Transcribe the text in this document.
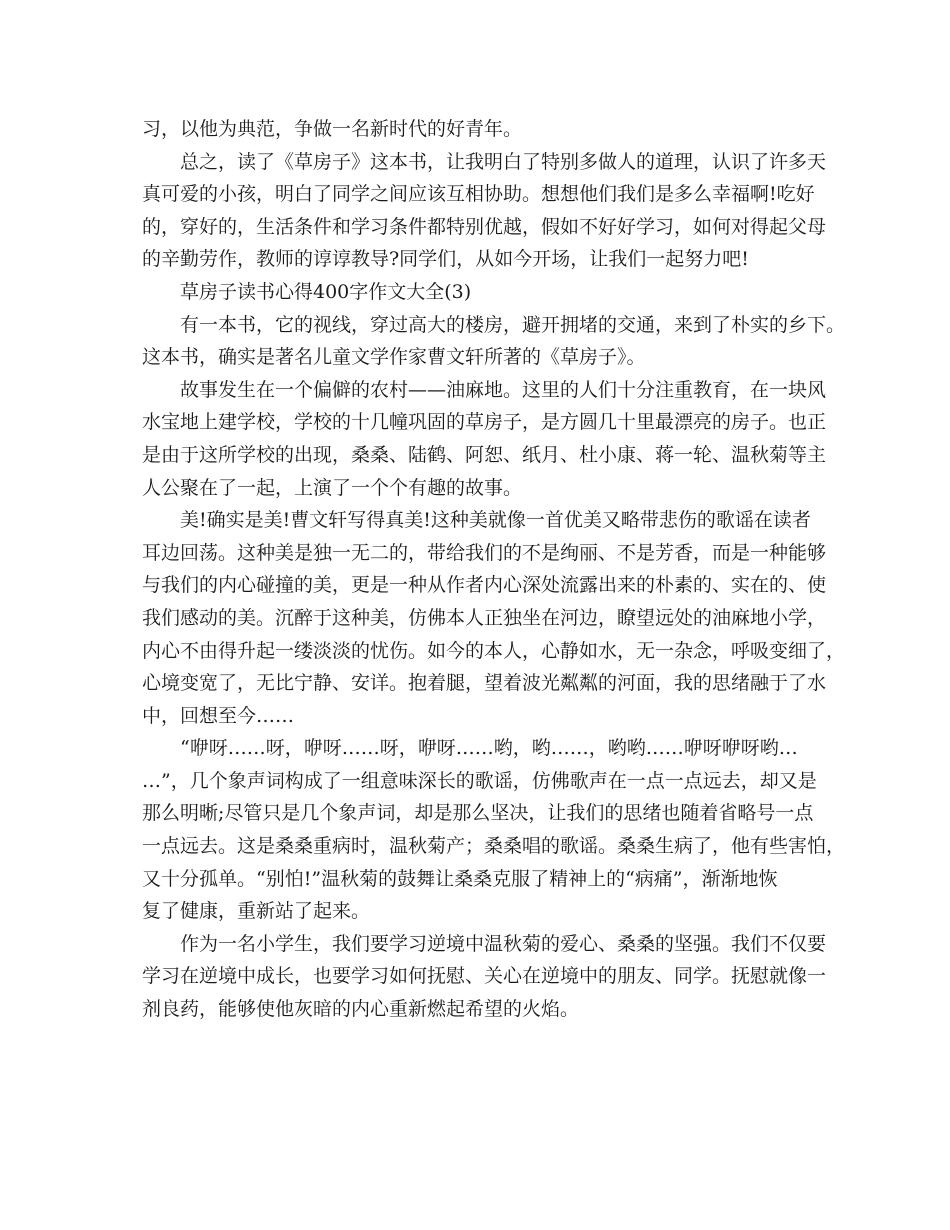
习，以他为典范，争做一名新时代的好青年。
总之，读了《草房子》这本书，让我明白了特别多做人的道理，认识了许多天
真可爱的小孩，明白了同学之间应该互相协助。想想他们我们是多么幸福啊!吃好
的，穿好的，生活条件和学习条件都特别优越，假如不好好学习，如何对得起父母
的辛勤劳作，教师的谆谆教导?同学们，从如今开场，让我们一起努力吧!
草房子读书心得400字作文大全(3)
有一本书，它的视线，穿过高大的楼房，避开拥堵的交通，来到了朴实的乡下。
这本书，确实是著名儿童文学作家曹文轩所著的《草房子》。
故事发生在一个偏僻的农村——油麻地。这里的人们十分注重教育，在一块风
水宝地上建学校，学校的十几幢巩固的草房子，是方圆几十里最漂亮的房子。也正
是由于这所学校的出现，桑桑、陆鹤、阿恕、纸月、杜小康、蒋一轮、温秋菊等主
人公聚在了一起，上演了一个个有趣的故事。
美!确实是美!曹文轩写得真美!这种美就像一首优美又略带悲伤的歌谣在读者
耳边回荡。这种美是独一无二的，带给我们的不是绚丽、不是芳香，而是一种能够
与我们的内心碰撞的美，更是一种从作者内心深处流露出来的朴素的、实在的、使
我们感动的美。沉醉于这种美，仿佛本人正独坐在河边，瞭望远处的油麻地小学，
内心不由得升起一缕淡淡的忧伤。如今的本人，心静如水，无一杂念，呼吸变细了，
心境变宽了，无比宁静、安详。抱着腿，望着波光粼粼的河面，我的思绪融于了水
中，回想至今……
“咿呀……呀，咿呀……呀，咿呀……哟，哟……，哟哟……咿呀咿呀哟…
…”，几个象声词构成了一组意味深长的歌谣，仿佛歌声在一点一点远去，却又是
那么明晰;尽管只是几个象声词，却是那么坚决，让我们的思绪也随着省略号一点
一点远去。这是桑桑重病时，温秋菊产；桑桑唱的歌谣。桑桑生病了，他有些害怕，
又十分孤单。“别怕!”温秋菊的鼓舞让桑桑克服了精神上的“病痛”，渐渐地恢
复了健康，重新站了起来。
作为一名小学生，我们要学习逆境中温秋菊的爱心、桑桑的坚强。我们不仅要
学习在逆境中成长，也要学习如何抚慰、关心在逆境中的朋友、同学。抚慰就像一
剂良药，能够使他灰暗的内心重新燃起希望的火焰。
